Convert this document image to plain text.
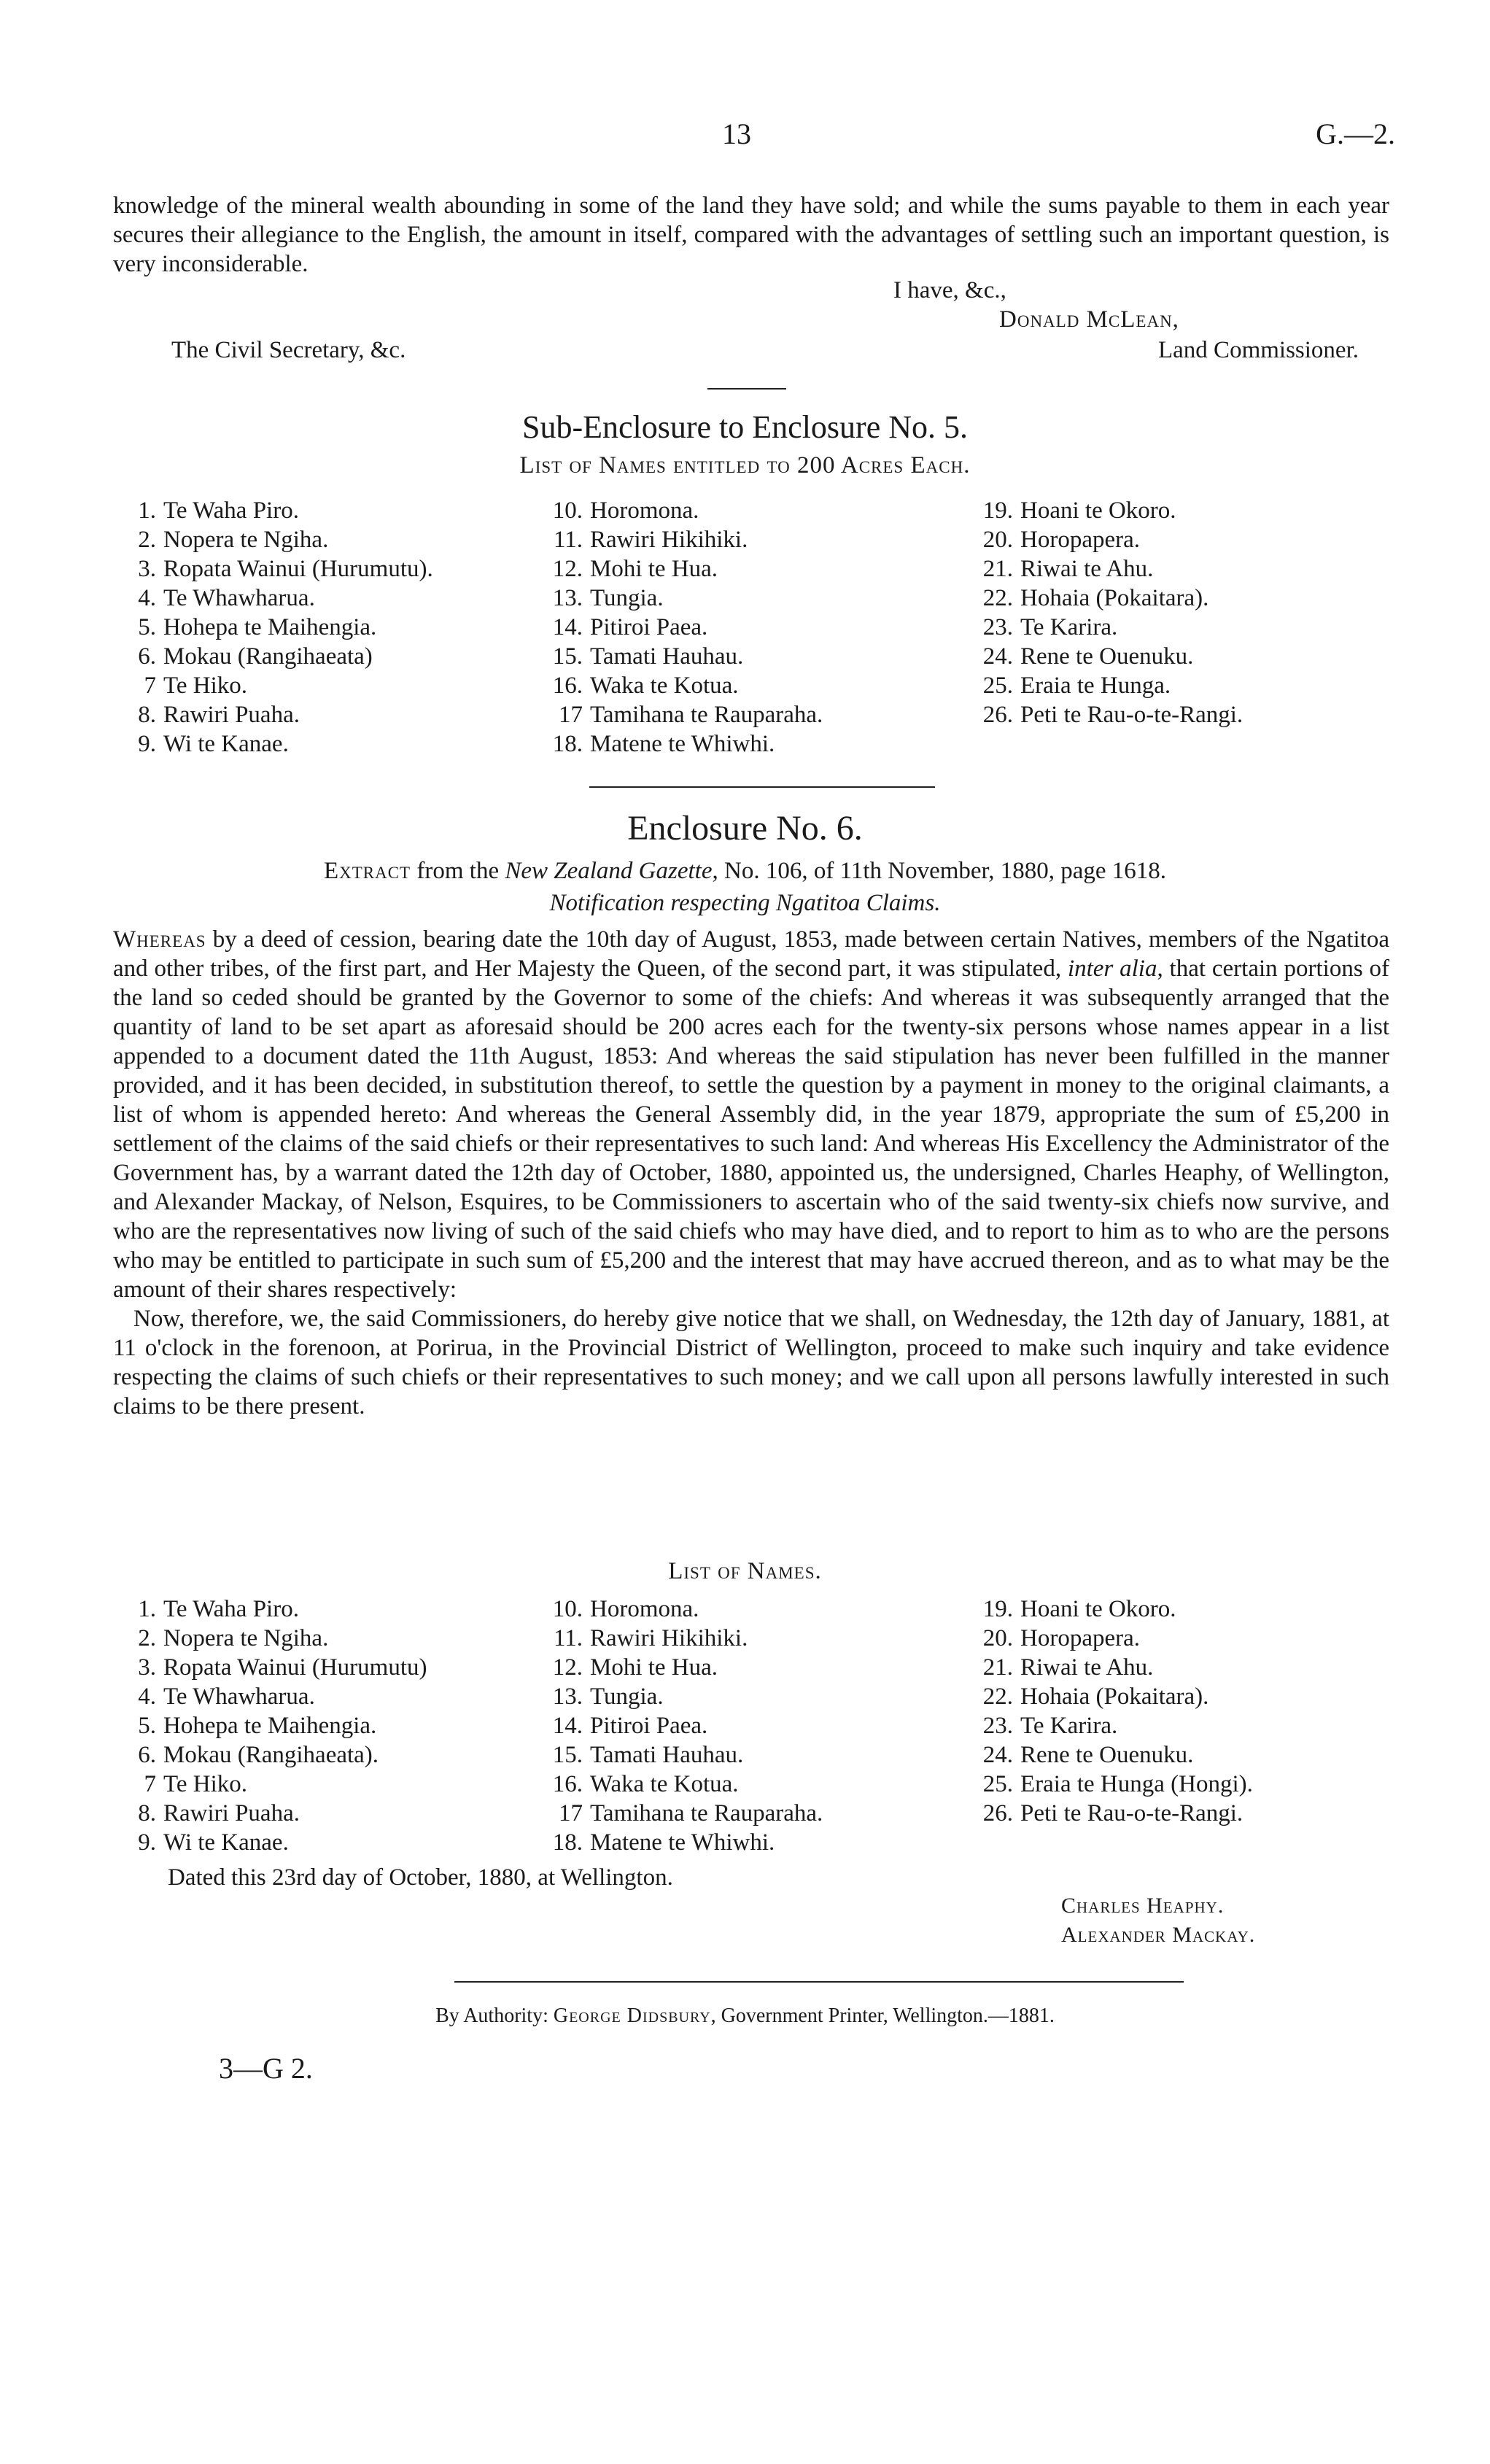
13	G.—2.

knowledge of the mineral wealth abounding in some of the land they have sold; and while the sums payable to them in each year secures their allegiance to the English, the amount in itself, compared with the advantages of settling such an important question, is very inconsiderable.

I have, &c.,
Donald McLean,
The Civil Secretary, &c.	Land Commissioner.
Sub-Enclosure to Enclosure No. 5.
List of Names entitled to 200 Acres Each.
1. Te Waha Piro.
2. Nopera te Ngiha.
3. Ropata Wainui (Hurumutu).
4. Te Whawharua.
5. Hohepa te Maihengia.
6. Mokau (Rangihaeata)
7 Te Hiko.
8. Rawiri Puaha.
9. Wi te Kanae.
10. Horomona.
11. Rawiri Hikihiki.
12. Mohi te Hua.
13. Tungia.
14. Pitiroi Paea.
15. Tamati Hauhau.
16. Waka te Kotua.
17 Tamihana te Rauparaha.
18. Matene te Whiwhi.
19. Hoani te Okoro.
20. Horopapera.
21. Riwai te Ahu.
22. Hohaia (Pokaitara).
23. Te Karira.
24. Rene te Ouenuku.
25. Eraia te Hunga.
26. Peti te Rau-o-te-Rangi.
Enclosure No. 6.
Extract from the New Zealand Gazette, No. 106, of 11th November, 1880, page 1618.
Notification respecting Ngatitoa Claims.

Whereas by a deed of cession, bearing date the 10th day of August, 1853, made between certain Natives, members of the Ngatitoa and other tribes, of the first part, and Her Majesty the Queen, of the second part, it was stipulated, inter alia, that certain portions of the land so ceded should be granted by the Governor to some of the chiefs: And whereas it was subsequently arranged that the quantity of land to be set apart as aforesaid should be 200 acres each for the twenty-six persons whose names appear in a list appended to a document dated the 11th August, 1853: And whereas the said stipulation has never been fulfilled in the manner provided, and it has been decided, in substitution thereof, to settle the question by a payment in money to the original claimants, a list of whom is appended hereto: And whereas the General Assembly did, in the year 1879, appropriate the sum of £5,200 in settlement of the claims of the said chiefs or their representatives to such land: And whereas His Excellency the Administrator of the Government has, by a warrant dated the 12th day of October, 1880, appointed us, the undersigned, Charles Heaphy, of Wellington, and Alexander Mackay, of Nelson, Esquires, to be Commissioners to ascertain who of the said twenty-six chiefs now survive, and who are the representatives now living of such of the said chiefs who may have died, and to report to him as to who are the persons who may be entitled to participate in such sum of £5,200 and the interest that may have accrued thereon, and as to what may be the amount of their shares respectively:

Now, therefore, we, the said Commissioners, do hereby give notice that we shall, on Wednesday, the 12th day of January, 1881, at 11 o'clock in the forenoon, at Porirua, in the Provincial District of Wellington, proceed to make such inquiry and take evidence respecting the claims of such chiefs or their representatives to such money; and we call upon all persons lawfully interested in such claims to be there present.

List of Names.
1. Te Waha Piro.
2. Nopera te Ngiha.
3. Ropata Wainui (Hurumutu)
4. Te Whawharua.
5. Hohepa te Maihengia.
6. Mokau (Rangihaeata).
7 Te Hiko.
8. Rawiri Puaha.
9. Wi te Kanae.
10. Horomona.
11. Rawiri Hikihiki.
12. Mohi te Hua.
13. Tungia.
14. Pitiroi Paea.
15. Tamati Hauhau.
16. Waka te Kotua.
17 Tamihana te Rauparaha.
18. Matene te Whiwhi.
19. Hoani te Okoro.
20. Horopapera.
21. Riwai te Ahu.
22. Hohaia (Pokaitara).
23. Te Karira.
24. Rene te Ouenuku.
25. Eraia te Hunga (Hongi).
26. Peti te Rau-o-te-Rangi.
Dated this 23rd day of October, 1880, at Wellington.
Charles Heaphy.
Alexander Mackay.
By Authority: George Didsbury, Government Printer, Wellington.—1881.
3—G 2.
